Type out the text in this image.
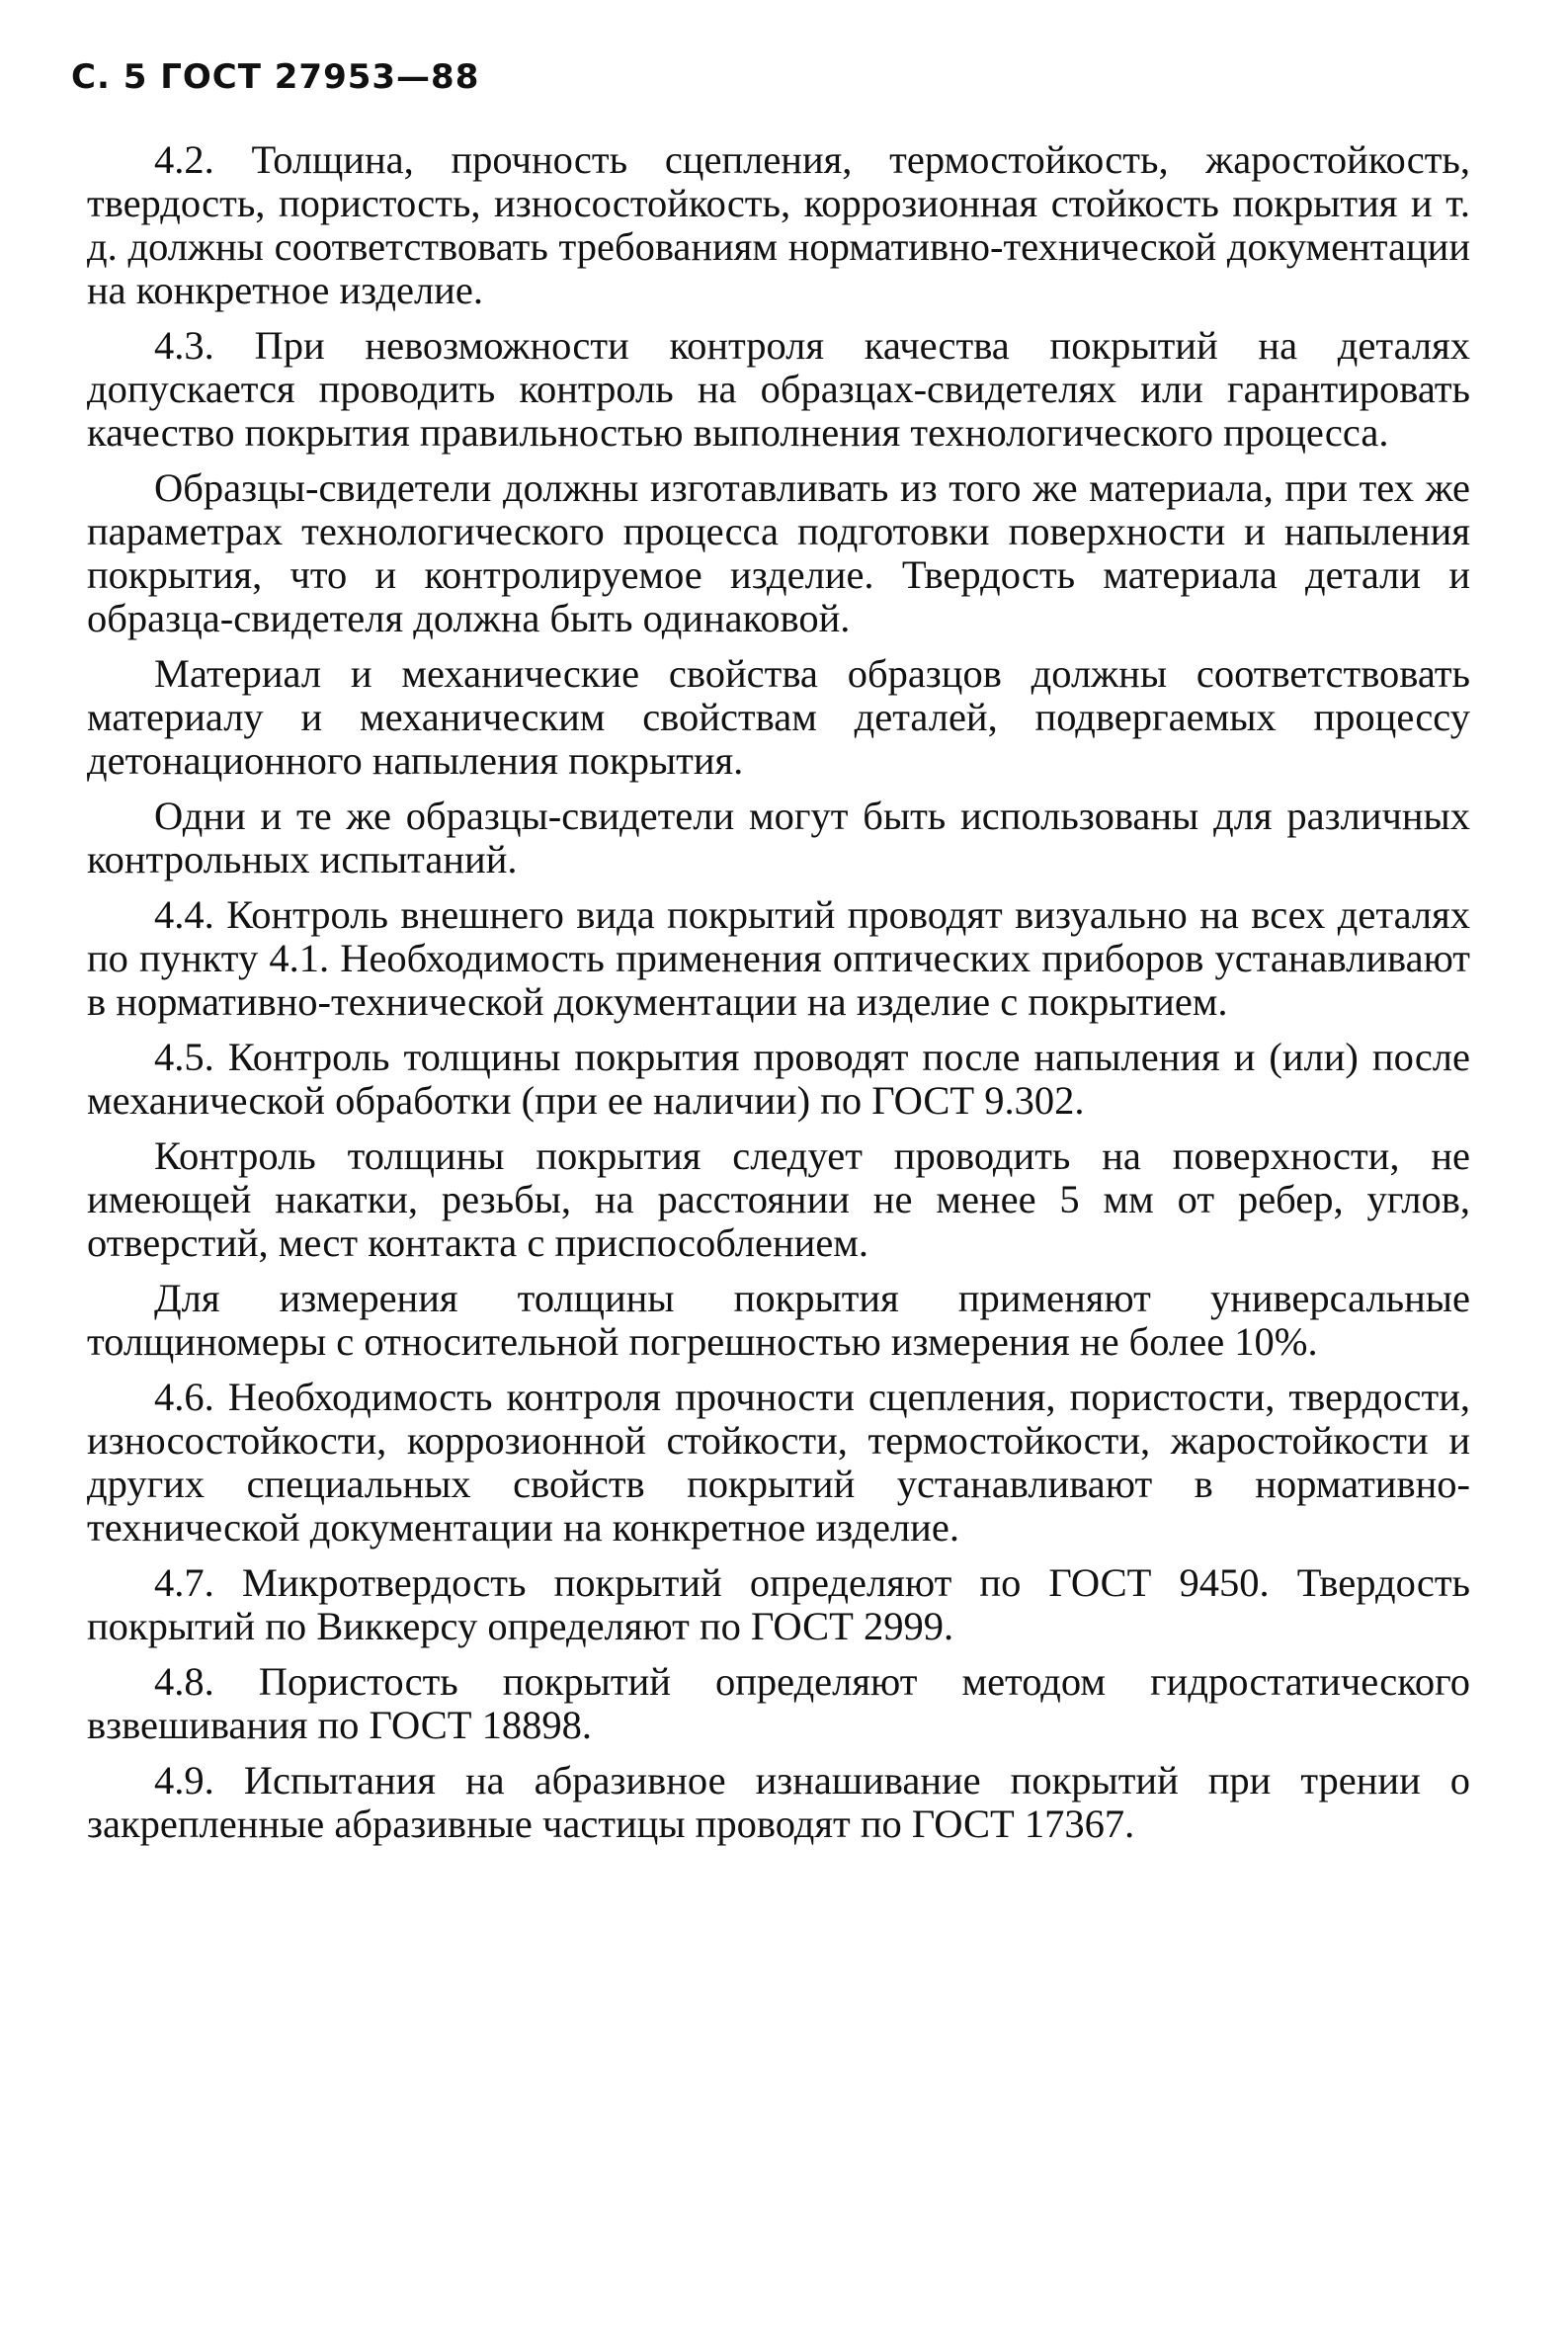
С. 5 ГОСТ 27953—88

4.2. Толщина, прочность сцепления, термостойкость, жаростойкость, твердость, пористость, износостойкость, коррозионная стойкость покрытия и т. д. должны соответствовать требованиям нормативно-технической документации на конкретное изделие.

4.3. При невозможности контроля качества покрытий на деталях допускается проводить контроль на образцах-свидетелях или гарантировать качество покрытия правильностью выполнения технологического процесса.

Образцы-свидетели должны изготавливать из того же материала, при тех же параметрах технологического процесса подготовки поверхности и напыления покрытия, что и контролируемое изделие. Твердость материала детали и образца-свидетеля должна быть одинаковой.

Материал и механические свойства образцов должны соответствовать материалу и механическим свойствам деталей, подвергаемых процессу детонационного напыления покрытия.

Одни и те же образцы-свидетели могут быть использованы для различных контрольных испытаний.

4.4. Контроль внешнего вида покрытий проводят визуально на всех деталях по пункту 4.1. Необходимость применения оптических приборов устанавливают в нормативно-технической документации на изделие с покрытием.

4.5. Контроль толщины покрытия проводят после напыления и (или) после механической обработки (при ее наличии) по ГОСТ 9.302.

Контроль толщины покрытия следует проводить на поверхности, не имеющей накатки, резьбы, на расстоянии не менее 5 мм от ребер, углов, отверстий, мест контакта с приспособлением.

Для измерения толщины покрытия применяют универсальные толщиномеры с относительной погрешностью измерения не более 10%.

4.6. Необходимость контроля прочности сцепления, пористости, твердости, износостойкости, коррозионной стойкости, термостойкости, жаростойкости и других специальных свойств покрытий устанавливают в нормативно-технической документации на конкретное изделие.

4.7. Микротвердость покрытий определяют по ГОСТ 9450. Твердость покрытий по Виккерсу определяют по ГОСТ 2999.

4.8. Пористость покрытий определяют методом гидростатического взвешивания по ГОСТ 18898.

4.9. Испытания на абразивное изнашивание покрытий при трении о закрепленные абразивные частицы проводят по ГОСТ 17367.
